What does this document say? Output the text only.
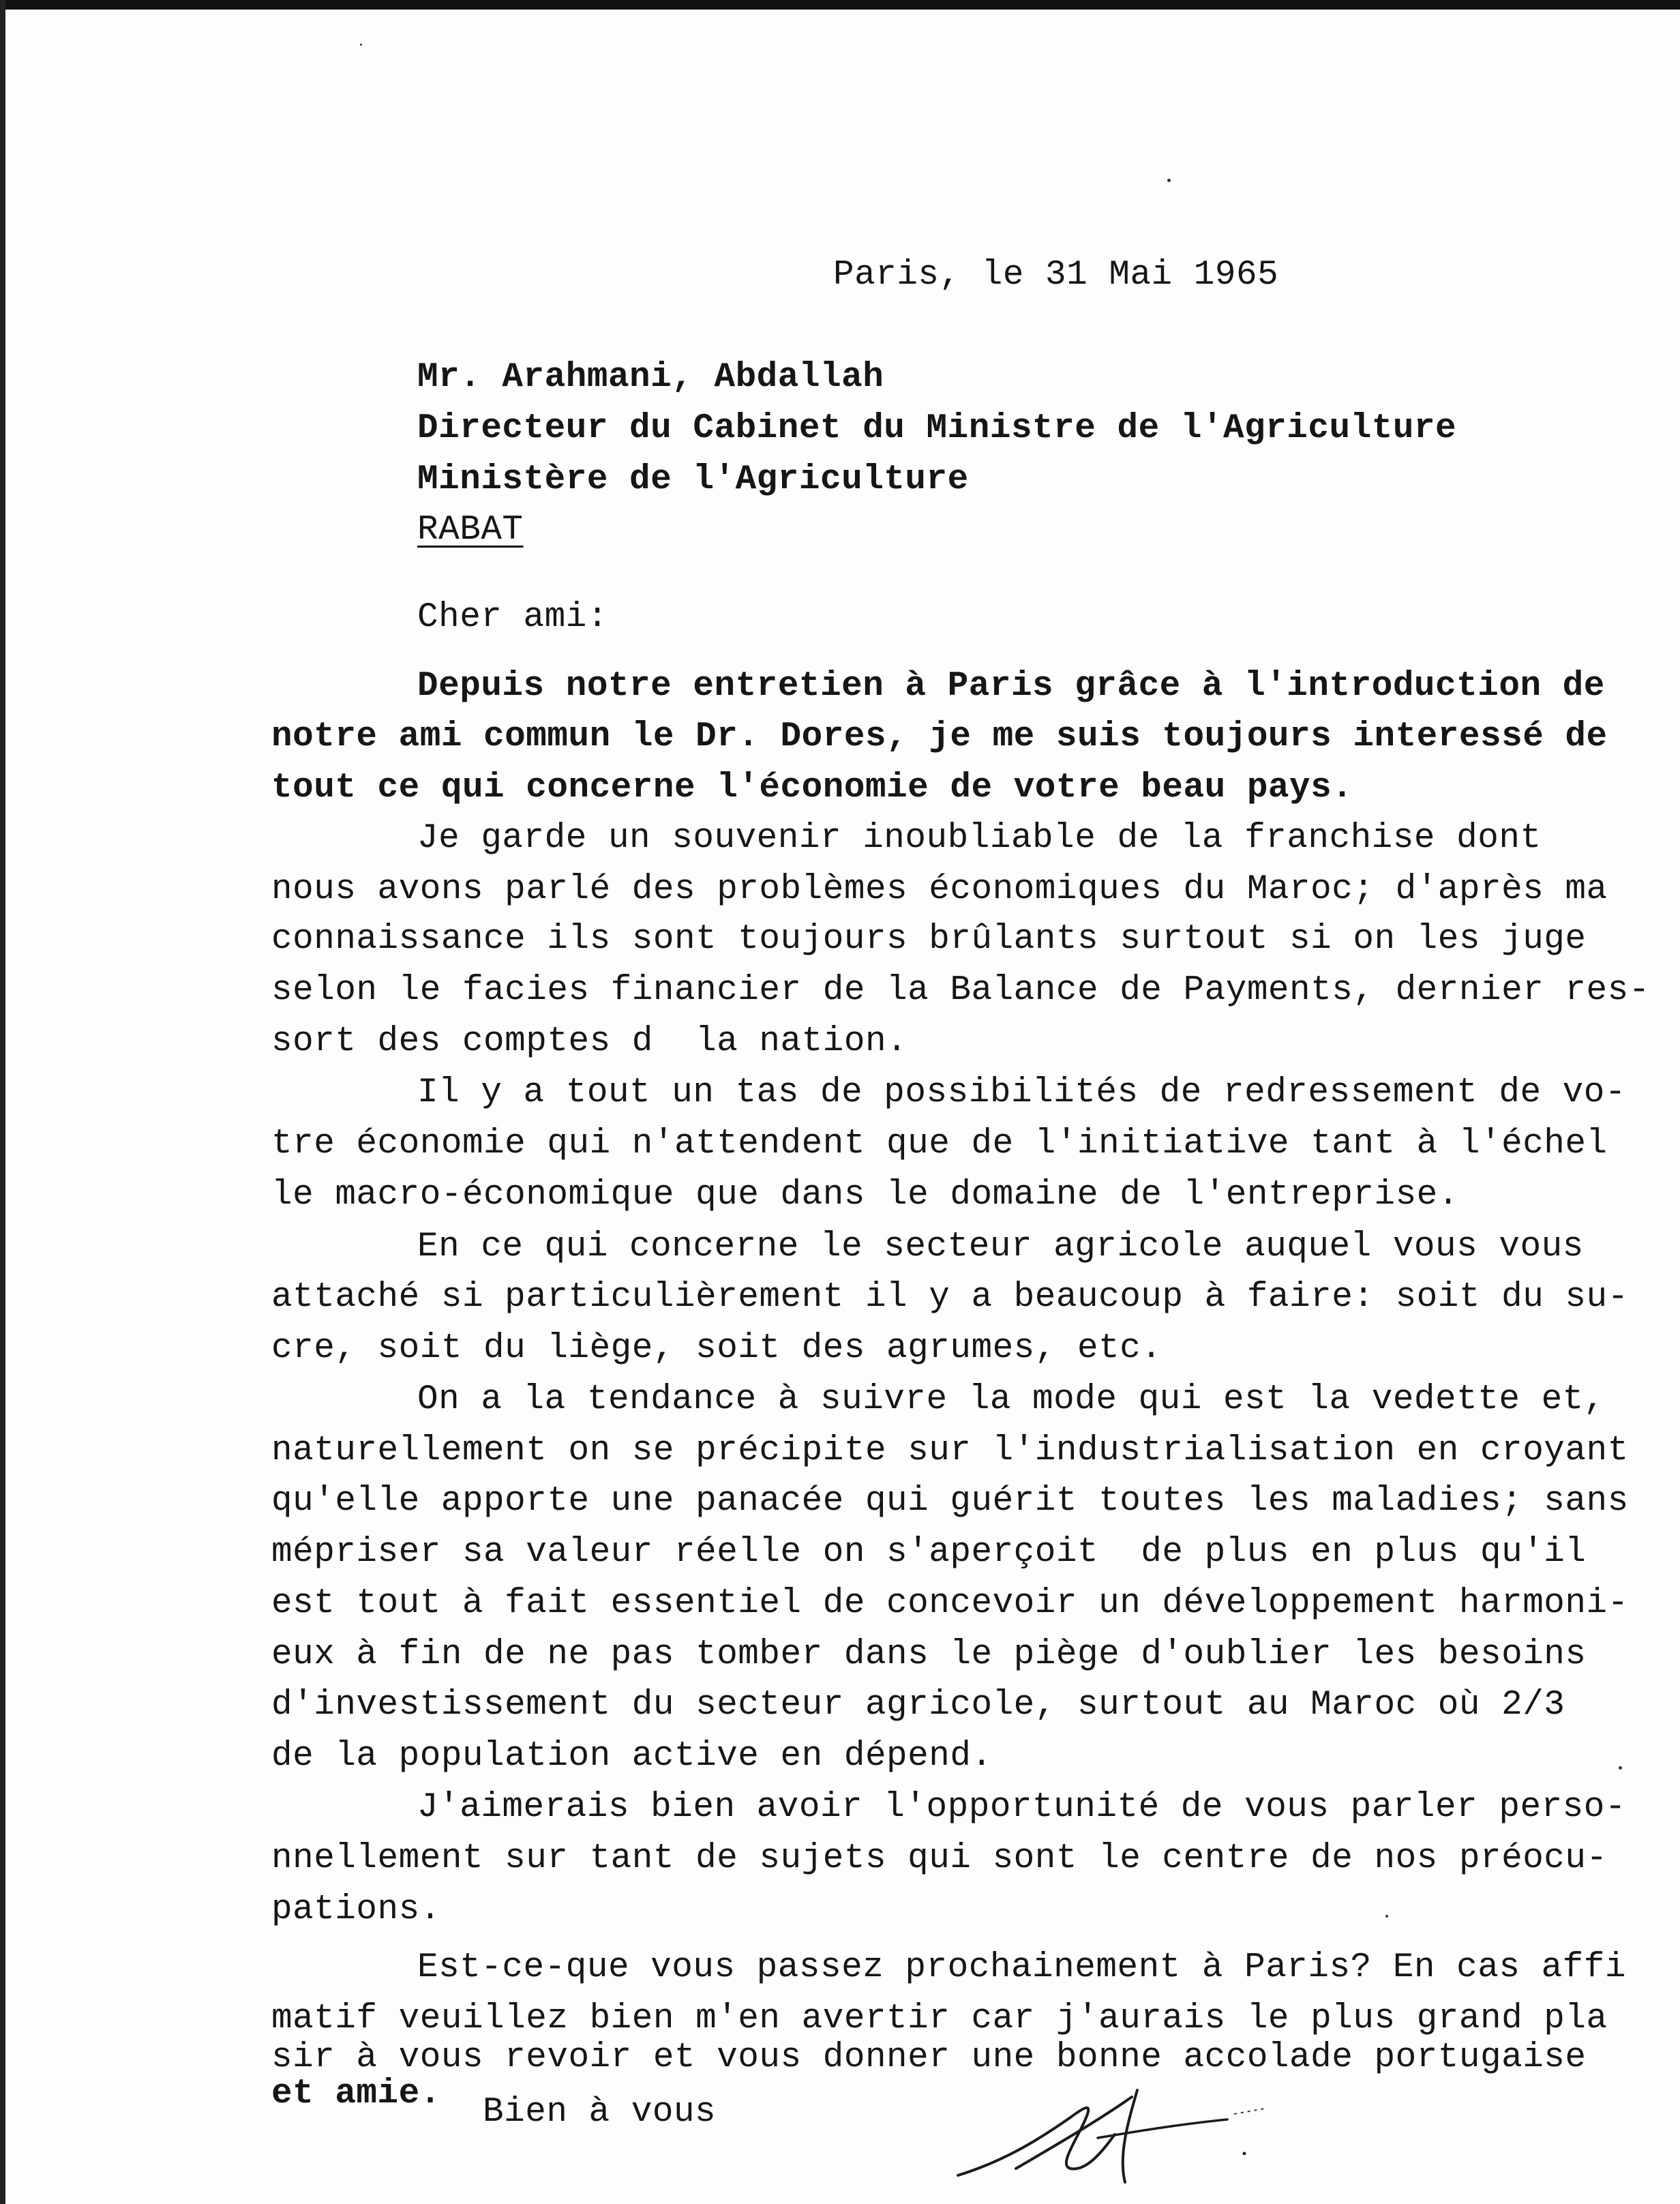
Paris, le 31 Mai 1965
Mr. Arahmani, Abdallah
Directeur du Cabinet du Ministre de l'Agriculture
Ministère de l'Agriculture
RABAT
Cher ami:
Depuis notre entretien à Paris grâce à l'introduction de
notre ami commun le Dr. Dores, je me suis toujours interessé de
tout ce qui concerne l'économie de votre beau pays.
Je garde un souvenir inoubliable de la franchise dont
nous avons parlé des problèmes économiques du Maroc; d'après ma
connaissance ils sont toujours brûlants surtout si on les juge
selon le facies financier de la Balance de Payments, dernier res-
sort des comptes d  la nation.
Il y a tout un tas de possibilités de redressement de vo-
tre économie qui n'attendent que de l'initiative tant à l'échel
le macro-économique que dans le domaine de l'entreprise.
En ce qui concerne le secteur agricole auquel vous vous
attaché si particulièrement il y a beaucoup à faire: soit du su-
cre, soit du liège, soit des agrumes, etc.
On a la tendance à suivre la mode qui est la vedette et,
naturellement on se précipite sur l'industrialisation en croyant
qu'elle apporte une panacée qui guérit toutes les maladies; sans
mépriser sa valeur réelle on s'aperçoit  de plus en plus qu'il
est tout à fait essentiel de concevoir un développement harmoni-
eux à fin de ne pas tomber dans le piège d'oublier les besoins
d'investissement du secteur agricole, surtout au Maroc où 2/3
de la population active en dépend.
J'aimerais bien avoir l'opportunité de vous parler perso-
nnellement sur tant de sujets qui sont le centre de nos préocu-
pations.
Est-ce-que vous passez prochainement à Paris? En cas affi
matif veuillez bien m'en avertir car j'aurais le plus grand pla
sir à vous revoir et vous donner une bonne accolade portugaise
et amie. Bien à vous
